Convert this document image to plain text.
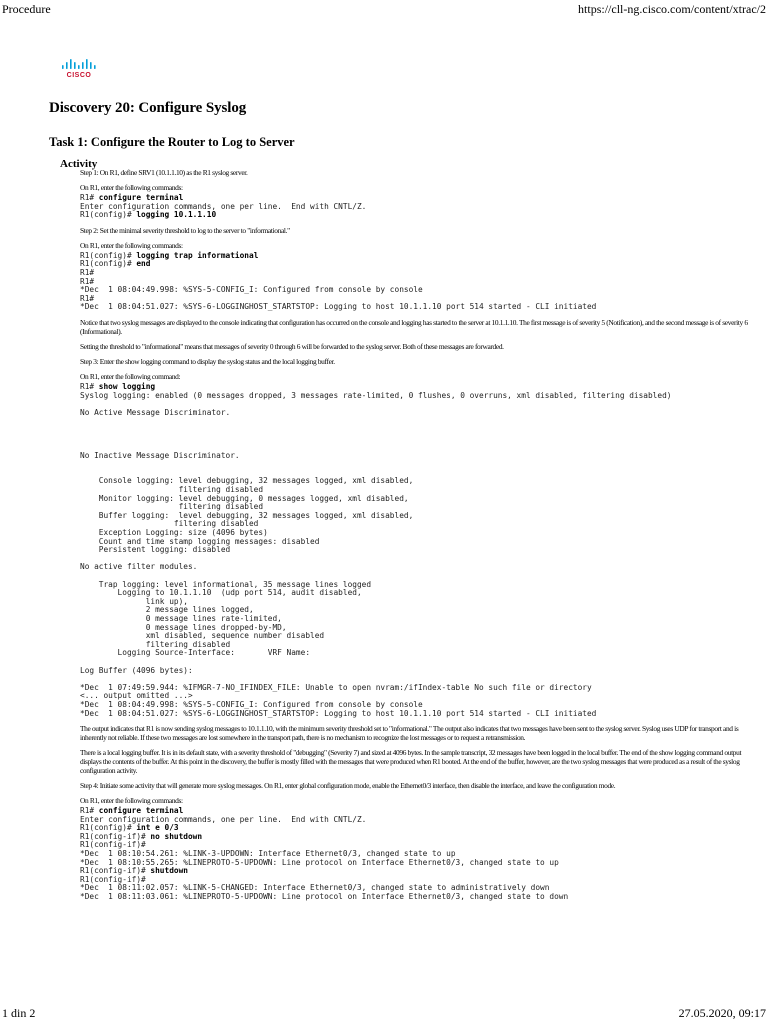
Procedure	https://cll-ng.cisco.com/content/xtrac/2
CISCO
Discovery 20: Configure Syslog
Task 1: Configure the Router to Log to Server
Activity
Step 1: On R1, define SRV1 (10.1.1.10) as the R1 syslog server.
On R1, enter the following commands:
R1# configure terminal
Enter configuration commands, one per line.  End with CNTL/Z.
R1(config)# logging 10.1.1.10

Step 2: Set the minimal severity threshold to log to the server to "informational."
On R1, enter the following commands:
R1(config)# logging trap informational
R1(config)# end
R1#
R1#
*Dec  1 08:04:49.998: %SYS-5-CONFIG_I: Configured from console by console
R1#
*Dec  1 08:04:51.027: %SYS-6-LOGGINGHOST_STARTSTOP: Logging to host 10.1.1.10 port 514 started - CLI initiated

Notice that two syslog messages are displayed to the console indicating that configuration has occurred on the console and logging has started to the server at 10.1.1.10. The first message is of severity 5 (Notification), and the second message is of severity 6 (Informational).
Setting the threshold to "informational" means that messages of severity 0 through 6 will be forwarded to the syslog server. Both of these messages are forwarded.
Step 3: Enter the show logging command to display the syslog status and the local logging buffer.
On R1, enter the following command:
R1# show logging
Syslog logging: enabled (0 messages dropped, 3 messages rate-limited, 0 flushes, 0 overruns, xml disabled, filtering disabled)

No Active Message Discriminator.

No Inactive Message Discriminator.

Console logging: level debugging, 32 messages logged, xml disabled,
filtering disabled
Monitor logging: level debugging, 0 messages logged, xml disabled,
filtering disabled
Buffer logging:  level debugging, 32 messages logged, xml disabled,
filtering disabled
Exception Logging: size (4096 bytes)
Count and time stamp logging messages: disabled
Persistent logging: disabled

No active filter modules.

Trap logging: level informational, 35 message lines logged
Logging to 10.1.1.10  (udp port 514, audit disabled,
link up),
2 message lines logged,
0 message lines rate-limited,
0 message lines dropped-by-MD,
xml disabled, sequence number disabled
filtering disabled
Logging Source-Interface:       VRF Name:

Log Buffer (4096 bytes):

*Dec  1 07:49:59.944: %IFMGR-7-NO_IFINDEX_FILE: Unable to open nvram:/ifIndex-table No such file or directory
<... output omitted ...>
*Dec  1 08:04:49.998: %SYS-5-CONFIG_I: Configured from console by console
*Dec  1 08:04:51.027: %SYS-6-LOGGINGHOST_STARTSTOP: Logging to host 10.1.1.10 port 514 started - CLI initiated

The output indicates that R1 is now sending syslog messages to 10.1.1.10, with the minimum severity threshold set to "informational." The output also indicates that two messages have been sent to the syslog server. Syslog uses UDP for transport and is inherently not reliable. If these two messages are lost somewhere in the transport path, there is no mechanism to recognize the lost messages or to request a retransmission.
There is a local logging buffer. It is in its default state, with a severity threshold of "debugging" (Severity 7) and sized at 4096 bytes. In the sample transcript, 32 messages have been logged in the local buffer. The end of the show logging command output displays the contents of the buffer. At this point in the discovery, the buffer is mostly filled with the messages that were produced when R1 booted. At the end of the buffer, however, are the two syslog messages that were produced as a result of the syslog configuration activity.
Step 4: Initiate some activity that will generate more syslog messages. On R1, enter global configuration mode, enable the Ethernet0/3 interface, then disable the interface, and leave the configuration mode.
On R1, enter the following commands:
R1# configure terminal
Enter configuration commands, one per line.  End with CNTL/Z.
R1(config)# int e 0/3
R1(config-if)# no shutdown
R1(config-if)#
*Dec  1 08:10:54.261: %LINK-3-UPDOWN: Interface Ethernet0/3, changed state to up
*Dec  1 08:10:55.265: %LINEPROTO-5-UPDOWN: Line protocol on Interface Ethernet0/3, changed state to up
R1(config-if)# shutdown
R1(config-if)#
*Dec  1 08:11:02.057: %LINK-5-CHANGED: Interface Ethernet0/3, changed state to administratively down
*Dec  1 08:11:03.061: %LINEPROTO-5-UPDOWN: Line protocol on Interface Ethernet0/3, changed state to down

1 din 2	27.05.2020, 09:17
